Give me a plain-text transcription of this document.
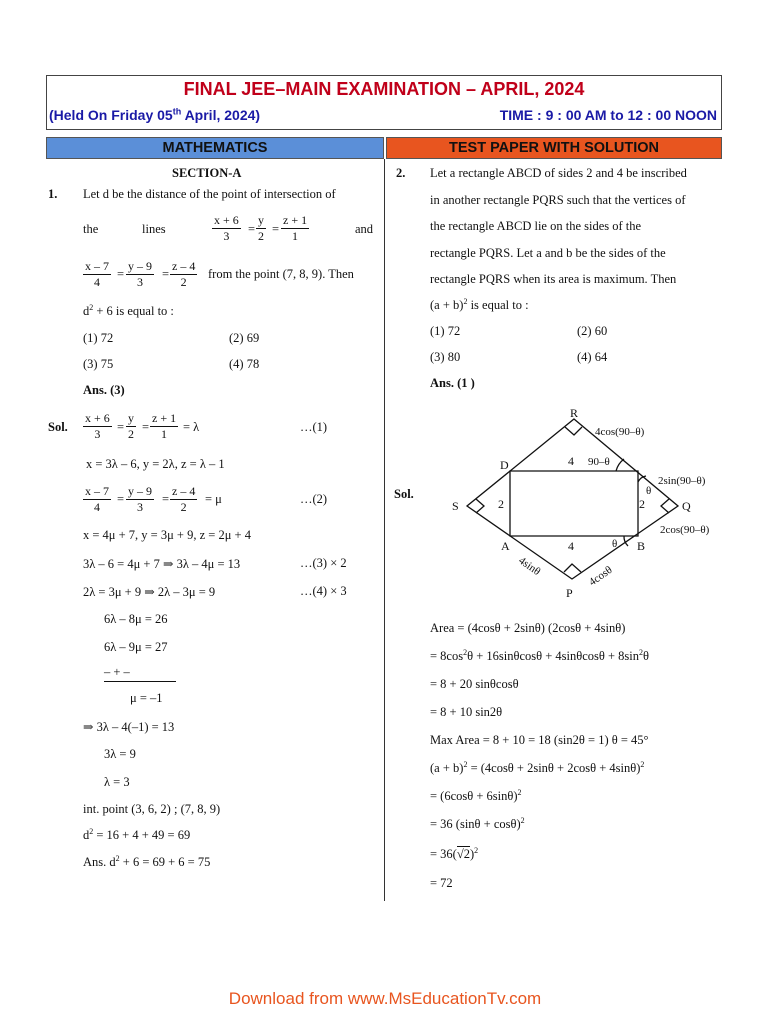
FINAL JEE–MAIN EXAMINATION – APRIL, 2024
(Held On Friday 05th April, 2024)	TIME : 9 : 00 AM to 12 : 00 NOON
MATHEMATICS	TEST PAPER WITH SOLUTION
SECTION-A
1. Let d be the distance of the point of intersection of
the	lines	$\frac{x + 6}{3} = \frac{y}{2} = \frac{z + 1}{1}$	and
$\frac{x - 7}{4} = \frac{y - 9}{3} = \frac{z - 4}{2}$ from the point (7, 8, 9). Then
$d^2 + 6$ is equal to :
(1) 72	(2) 69
(3) 75	(4) 78
Ans. (3)
Sol. $\frac{x + 6}{3} = \frac{y}{2} = \frac{z + 1}{1} = \lambda$	…(1)
x = 3λ – 6, y = 2λ, z = λ – 1
$\frac{x - 7}{4} = \frac{y - 9}{3} = \frac{z - 4}{2} = \mu$	…(2)
x = 4μ + 7, y = 3μ + 9, z = 2μ + 4
3λ – 6 = 4μ + 7 ⇒ 3λ – 4μ = 13	…(3) × 2
2λ = 3μ + 9 ⇒ 2λ – 3μ = 9	…(4) × 3
6λ – 8μ = 26
6λ – 9μ = 27
– + –
μ = –1
⇒ 3λ – 4(–1) = 13
3λ = 9
λ = 3
int. point (3, 6, 2) ; (7, 8, 9)
$d^2 = 16 + 4 + 49 = 69$
Ans. $d^2 + 6 = 69 + 6 = 75$
2. Let a rectangle ABCD of sides 2 and 4 be inscribed
in another rectangle PQRS such that the vertices of
the rectangle ABCD lie on the sides of the
rectangle PQRS. Let a and b be the sides of the
rectangle PQRS when its area is maximum. Then
$(a + b)^2$ is equal to :
(1) 72	(2) 60
(3) 80	(4) 64
Ans. (1 )
Sol.
R
S	Q
P
A	B
D	4
4
2	2
90–θ
θ
θ
4cos(90–θ)
2sin(90–θ)
2cos(90–θ)
4sinθ	4cosθ
Area = (4cosθ + 2sinθ) (2cosθ + 4sinθ)
= $8\cos^2\theta + 16\sin\theta\cos\theta + 4\sin\theta\cos\theta + 8\sin^2\theta$
= 8 + 20 sinθcosθ
= 8 + 10 sin2θ
Max Area = 8 + 10 = 18 (sin2θ = 1) θ = 45°
$(a + b)^2 = (4\cos\theta + 2\sin\theta + 2\cos\theta + 4\sin\theta)^2$
= $(6\cos\theta + 6\sin\theta)^2$
= 36 $(\sin\theta + \cos\theta)^2$
= $36(√2)^2$
= 72
Download from www.MsEducationTv.com
